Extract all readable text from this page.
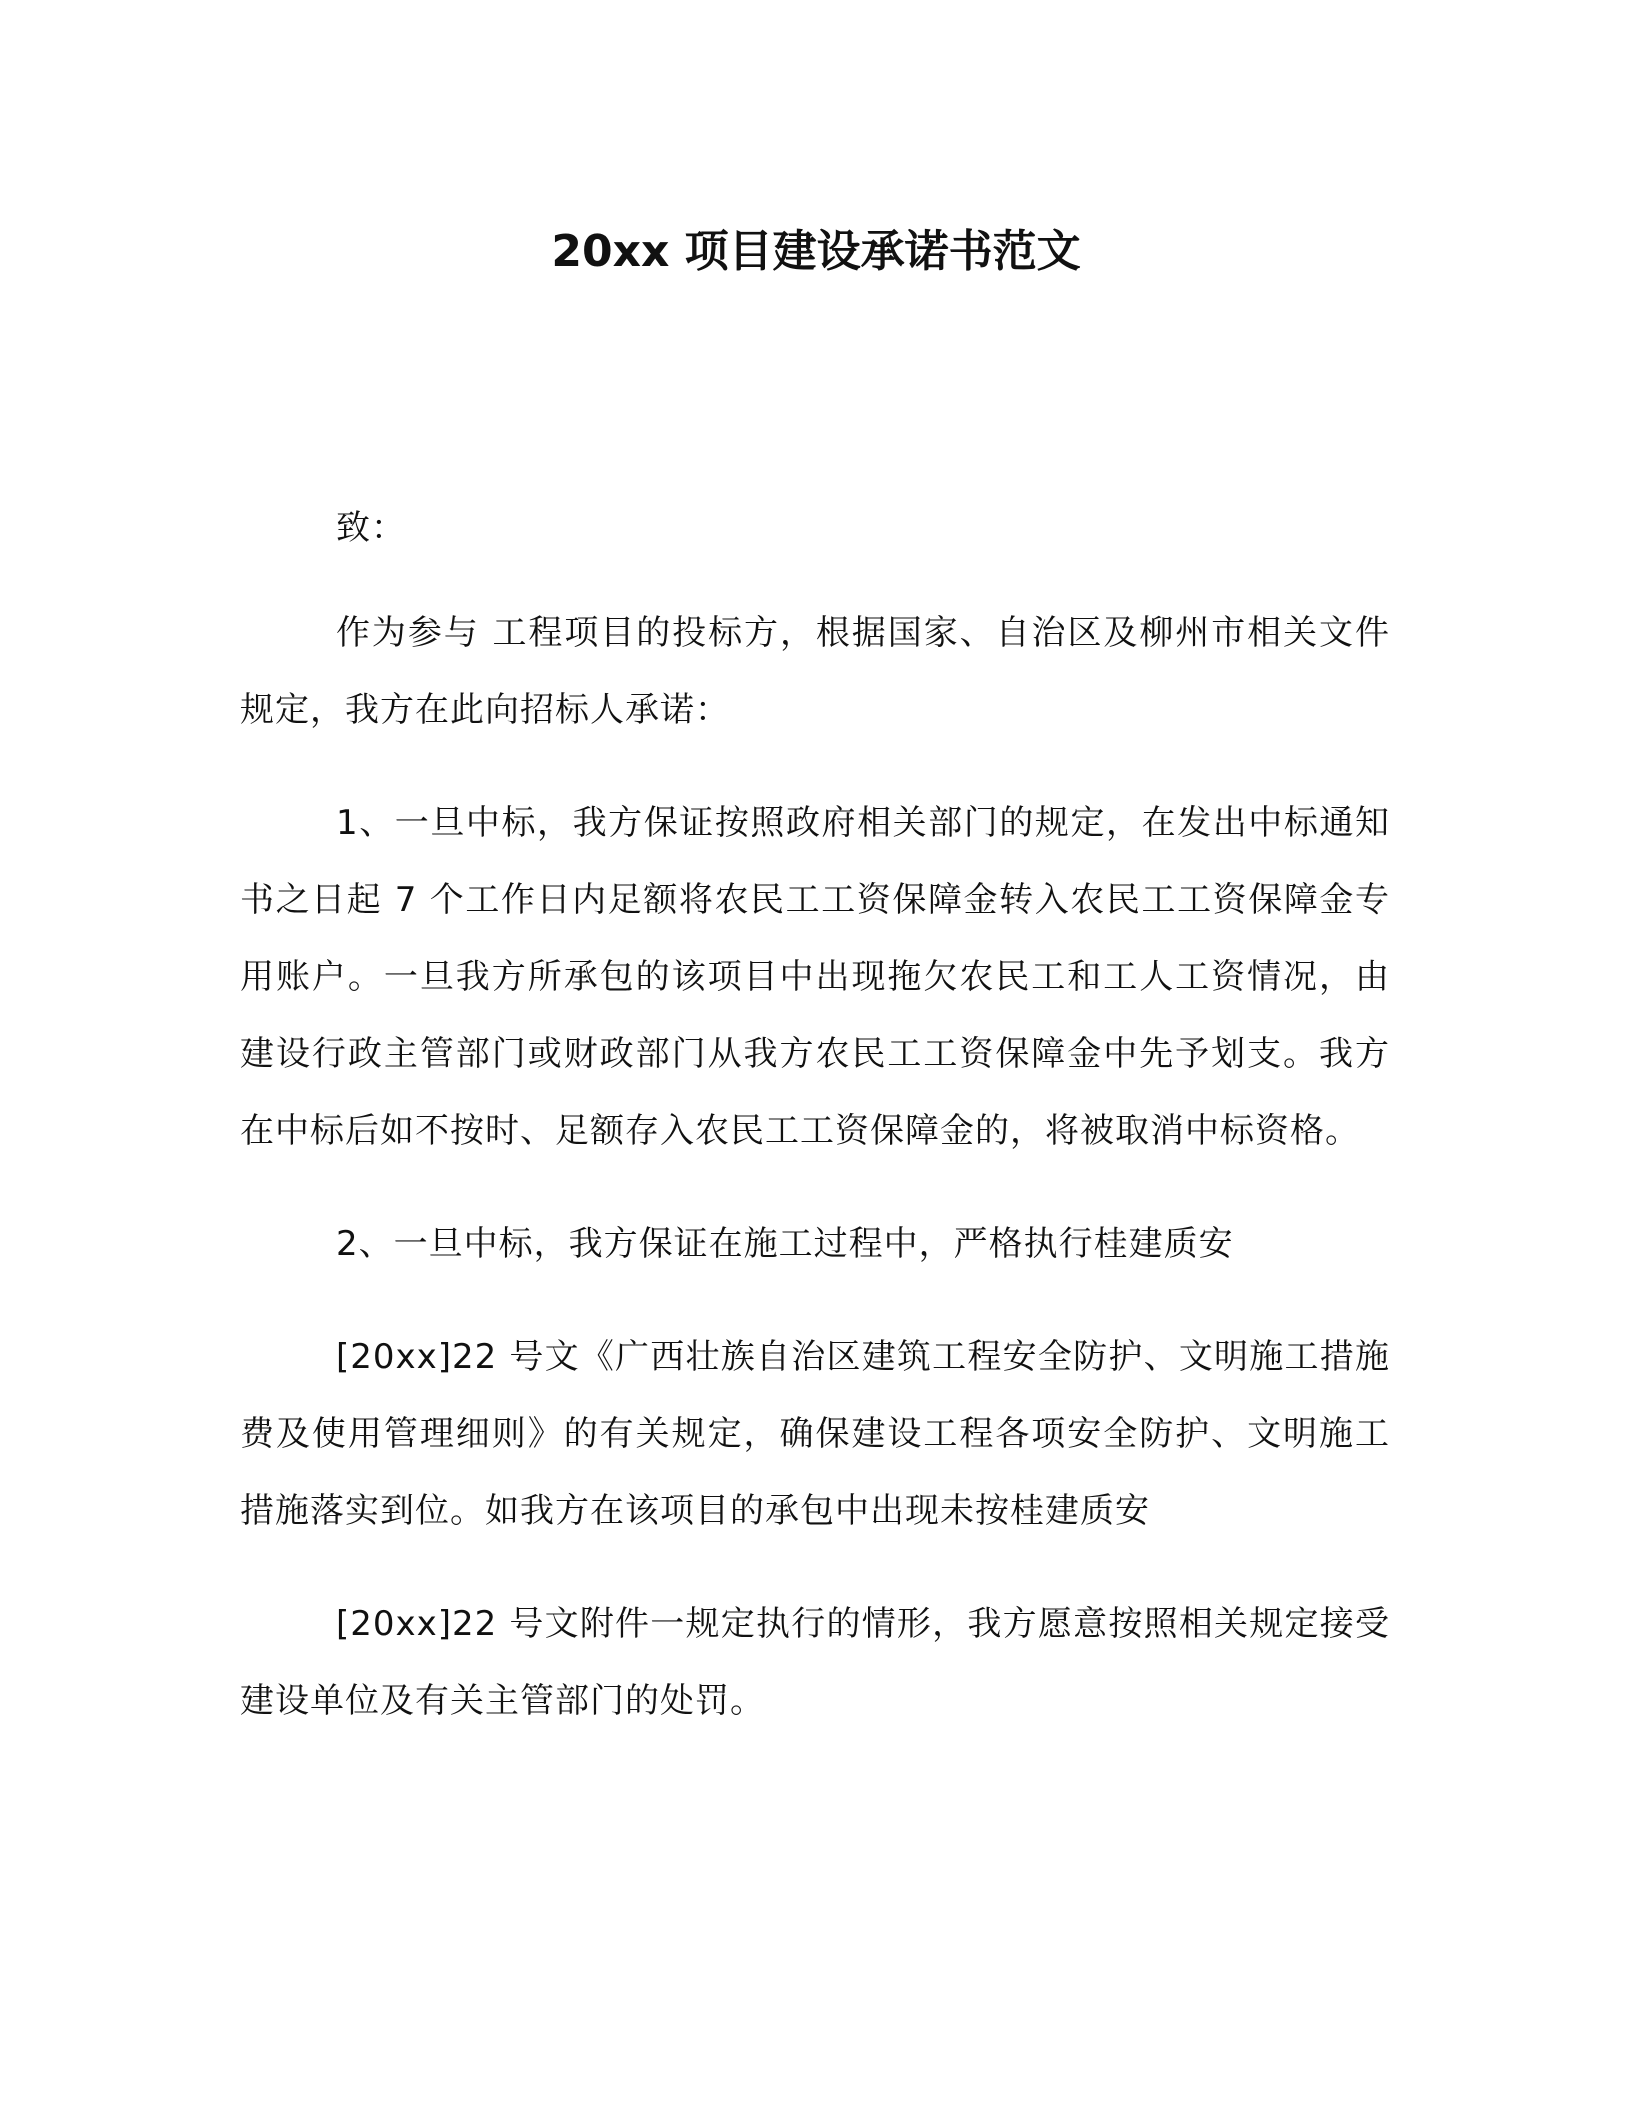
20xx 项目建设承诺书范文

致：

作为参与 工程项目的投标方，根据国家、自治区及柳州市相关文件规定，我方在此向招标人承诺：

1、一旦中标，我方保证按照政府相关部门的规定，在发出中标通知书之日起 7 个工作日内足额将农民工工资保障金转入农民工工资保障金专用账户。一旦我方所承包的该项目中出现拖欠农民工和工人工资情况，由建设行政主管部门或财政部门从我方农民工工资保障金中先予划支。我方在中标后如不按时、足额存入农民工工资保障金的，将被取消中标资格。

2、一旦中标，我方保证在施工过程中，严格执行桂建质安

[20xx]22 号文《广西壮族自治区建筑工程安全防护、文明施工措施费及使用管理细则》的有关规定，确保建设工程各项安全防护、文明施工措施落实到位。如我方在该项目的承包中出现未按桂建质安

[20xx]22 号文附件一规定执行的情形，我方愿意按照相关规定接受建设单位及有关主管部门的处罚。
